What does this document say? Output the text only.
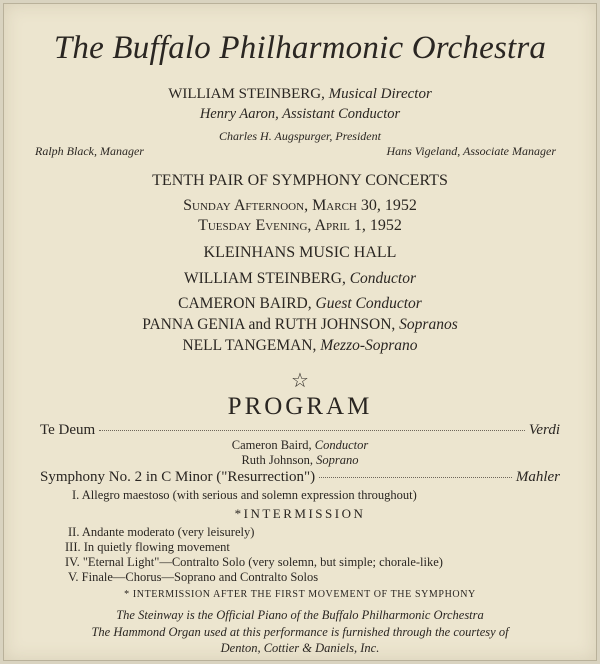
The Buffalo Philharmonic Orchestra
WILLIAM STEINBERG, Musical Director
Henry Aaron, Assistant Conductor
Charles H. Augspurger, President
Ralph Black, Manager	Hans Vigeland, Associate Manager
TENTH PAIR OF SYMPHONY CONCERTS
Sunday Afternoon, March 30, 1952
Tuesday Evening, April 1, 1952
KLEINHANS MUSIC HALL
WILLIAM STEINBERG, Conductor
CAMERON BAIRD, Guest Conductor
PANNA GENIA and RUTH JOHNSON, Sopranos
NELL TANGEMAN, Mezzo-Soprano
☆
PROGRAM
Te Deum	Verdi
Cameron Baird, Conductor
Ruth Johnson, Soprano
Symphony No. 2 in C Minor ("Resurrection")	Mahler
I. Allegro maestoso (with serious and solemn expression throughout)
*INTERMISSION
II. Andante moderato (very leisurely)
III. In quietly flowing movement
IV. "Eternal Light"—Contralto Solo (very solemn, but simple; chorale-like)
V. Finale—Chorus—Soprano and Contralto Solos
* INTERMISSION AFTER THE FIRST MOVEMENT OF THE SYMPHONY
The Steinway is the Official Piano of the Buffalo Philharmonic Orchestra
The Hammond Organ used at this performance is furnished through the courtesy of
Denton, Cottier & Daniels, Inc.
